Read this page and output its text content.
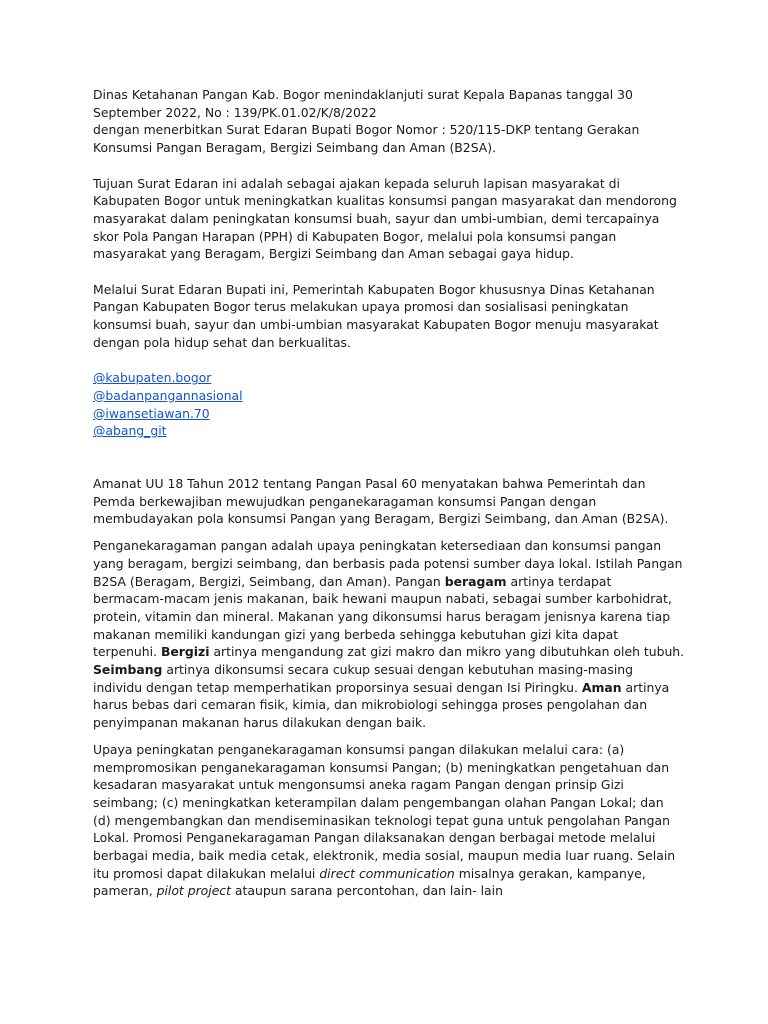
Dinas Ketahanan Pangan Kab. Bogor menindaklanjuti surat Kepala Bapanas tanggal 30 September 2022, No : 139/PK.01.02/K/8/2022

dengan menerbitkan Surat Edaran Bupati Bogor Nomor : 520/115-DKP tentang Gerakan Konsumsi Pangan Beragam, Bergizi Seimbang dan Aman (B2SA).

Tujuan Surat Edaran ini adalah sebagai ajakan kepada seluruh lapisan masyarakat di Kabupaten Bogor untuk meningkatkan kualitas konsumsi pangan masyarakat dan mendorong masyarakat dalam peningkatan konsumsi buah, sayur dan umbi-umbian, demi tercapainya skor Pola Pangan Harapan (PPH) di Kabupaten Bogor, melalui pola konsumsi pangan masyarakat yang Beragam, Bergizi Seimbang dan Aman sebagai gaya hidup.

Melalui Surat Edaran Bupati ini, Pemerintah Kabupaten Bogor khususnya Dinas Ketahanan Pangan Kabupaten Bogor terus melakukan upaya promosi dan sosialisasi peningkatan konsumsi buah, sayur dan umbi-umbian masyarakat Kabupaten Bogor menuju masyarakat dengan pola hidup sehat dan berkualitas.

@kabupaten.bogor
@badanpangannasional
@iwansetiawan.70
@abang_git

Amanat UU 18 Tahun 2012 tentang Pangan Pasal 60 menyatakan bahwa Pemerintah dan Pemda berkewajiban mewujudkan penganekaragaman konsumsi Pangan dengan membudayakan pola konsumsi Pangan yang Beragam, Bergizi Seimbang, dan Aman (B2SA).

Penganekaragaman pangan adalah upaya peningkatan ketersediaan dan konsumsi pangan yang beragam, bergizi seimbang, dan berbasis pada potensi sumber daya lokal. Istilah Pangan B2SA (Beragam, Bergizi, Seimbang, dan Aman). Pangan beragam artinya terdapat bermacam-macam jenis makanan, baik hewani maupun nabati, sebagai sumber karbohidrat, protein, vitamin dan mineral. Makanan yang dikonsumsi harus beragam jenisnya karena tiap makanan memiliki kandungan gizi yang berbeda sehingga kebutuhan gizi kita dapat terpenuhi. Bergizi artinya mengandung zat gizi makro dan mikro yang dibutuhkan oleh tubuh. Seimbang artinya dikonsumsi secara cukup sesuai dengan kebutuhan masing-masing individu dengan tetap memperhatikan proporsinya sesuai dengan Isi Piringku. Aman artinya harus bebas dari cemaran fisik, kimia, dan mikrobiologi sehingga proses pengolahan dan penyimpanan makanan harus dilakukan dengan baik.

Upaya peningkatan penganekaragaman konsumsi pangan dilakukan melalui cara: (a) mempromosikan penganekaragaman konsumsi Pangan; (b) meningkatkan pengetahuan dan kesadaran masyarakat untuk mengonsumsi aneka ragam Pangan dengan prinsip Gizi seimbang; (c) meningkatkan keterampilan dalam pengembangan olahan Pangan Lokal; dan (d) mengembangkan dan mendiseminasikan teknologi tepat guna untuk pengolahan Pangan Lokal. Promosi Penganekaragaman Pangan dilaksanakan dengan berbagai metode melalui berbagai media, baik media cetak, elektronik, media sosial, maupun media luar ruang. Selain itu promosi dapat dilakukan melalui direct communication misalnya gerakan, kampanye, pameran, pilot project ataupun sarana percontohan, dan lain- lain
